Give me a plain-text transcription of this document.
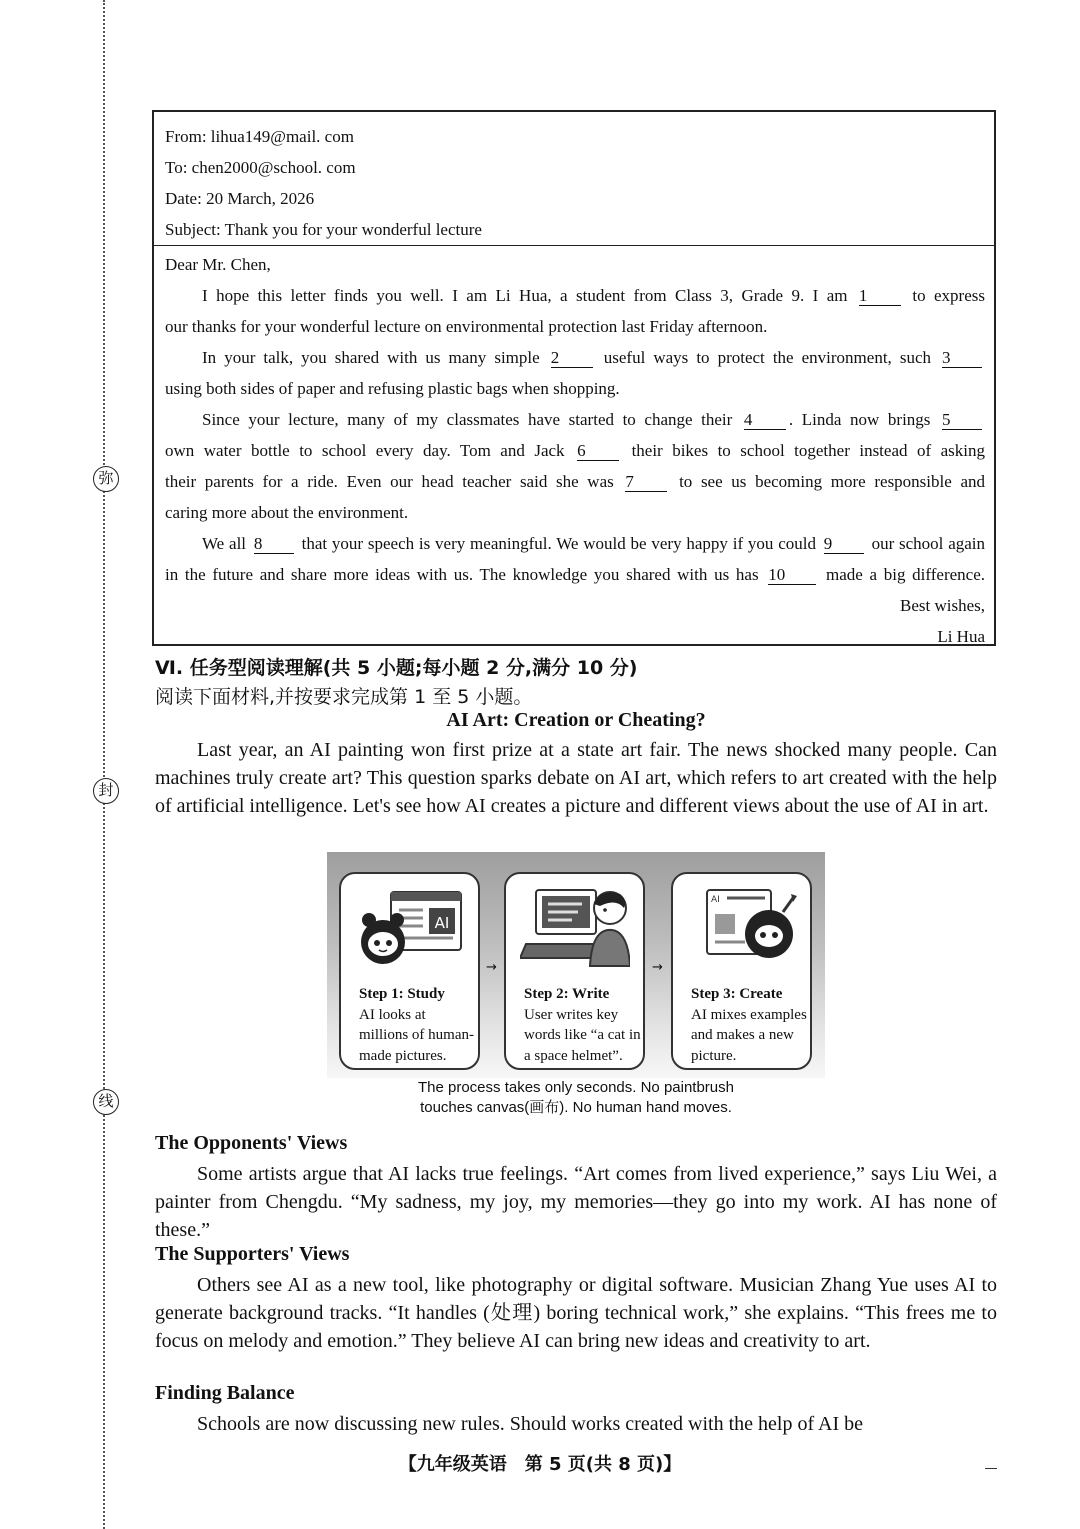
弥
封
线
From: lihua149@mail. com
To: chen2000@school. com
Date: 20 March, 2026
Subject: Thank you for your wonderful lecture
Dear Mr. Chen,
I hope this letter finds you well. I am Li Hua, a student from Class 3, Grade 9. I am 1	to express
our thanks for your wonderful lecture on environmental protection last Friday afternoon.
In your talk, you shared with us many simple 2	useful ways to protect the environment, such 3
using both sides of paper and refusing plastic bags when shopping.
Since your lecture, many of my classmates have started to change their 4 . Linda now brings 5
own water bottle to school every day. Tom and Jack 6	their bikes to school together instead of asking
their parents for a ride. Even our head teacher said she was 7	to see us becoming more responsible and
caring more about the environment.
We all 8 that your speech is very meaningful. We would be very happy if you could 9 our school again
in the future and share more ideas with us. The knowledge you shared with us has 10 made a big difference.
Best wishes,
Li Hua
Ⅵ. 任务型阅读理解(共 5 小题;每小题 2 分,满分 10 分)
阅读下面材料,并按要求完成第 1 至 5 小题。
AI Art: Creation or Cheating?

Last year, an AI painting won first prize at a state art fair. The news shocked many people. Can machines truly create art? This question sparks debate on AI art, which refers to art created with the help of artificial intelligence. Let's see how AI creates a picture and different views about the use of AI in art.

AI
Step 1: Study
AI looks at millions of human-made pictures.
→
Step 2: Write
User writes key words like “a cat in a space helmet”.
→
AI
Step 3: Create
AI mixes examples and makes a new picture.
The process takes only seconds. No paintbrush
touches canvas(画布). No human hand moves.
The Opponents' Views

Some artists argue that AI lacks true feelings. “Art comes from lived experience,” says Liu Wei, a painter from Chengdu. “My sadness, my joy, my memories—they go into my work. AI has none of these.”

The Supporters' Views

Others see AI as a new tool, like photography or digital software. Musician Zhang Yue uses AI to generate background tracks. “It handles (处理) boring technical work,” she explains. “This frees me to focus on melody and emotion.” They believe AI can bring new ideas and creativity to art.

Finding Balance

Schools are now discussing new rules. Should works created with the help of AI be

【九年级英语　第 5 页(共 8 页)】
